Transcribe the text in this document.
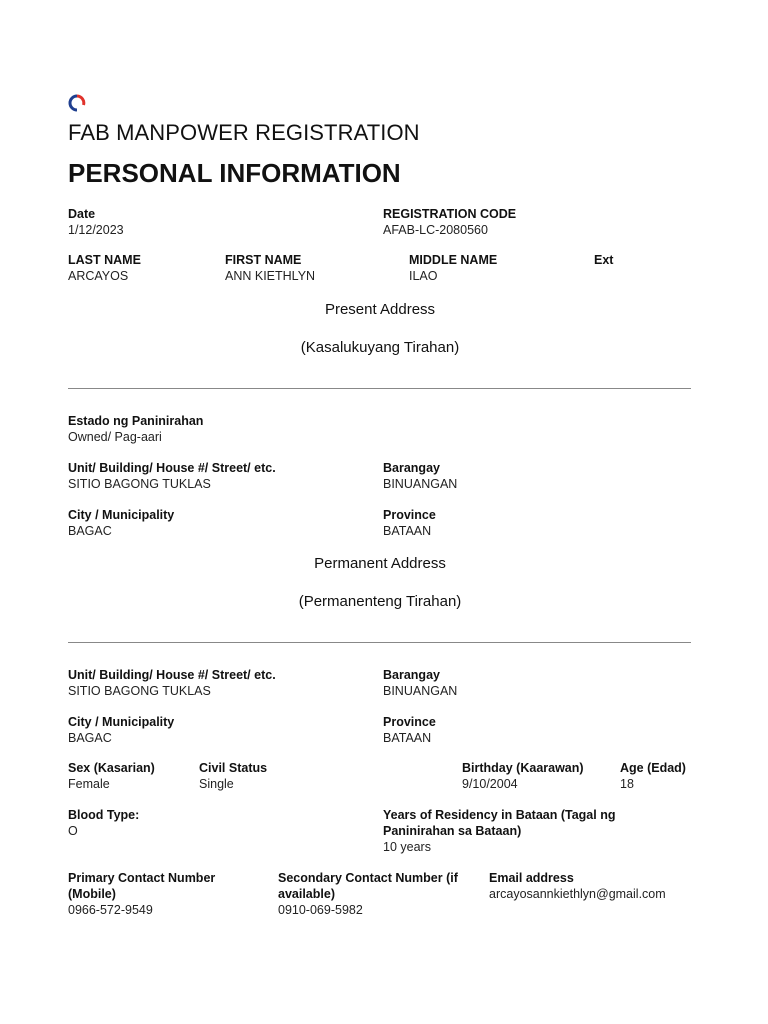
FAB MANPOWER REGISTRATION
PERSONAL INFORMATION
Date
1/12/2023
REGISTRATION CODE
AFAB-LC-2080560
LAST NAME
ARCAYOS
FIRST NAME
ANN KIETHLYN
MIDDLE NAME
ILAO
Ext
Present Address
(Kasalukuyang Tirahan)
Estado ng Paninirahan
Owned/ Pag-aari
Unit/ Building/ House #/ Street/ etc.
SITIO BAGONG TUKLAS
Barangay
BINUANGAN
City / Municipality
BAGAC
Province
BATAAN
Permanent Address
(Permanenteng Tirahan)
Unit/ Building/ House #/ Street/ etc.
SITIO BAGONG TUKLAS
Barangay
BINUANGAN
City / Municipality
BAGAC
Province
BATAAN
Sex (Kasarian)
Female
Civil Status
Single
Birthday (Kaarawan)
9/10/2004
Age (Edad)
18
Blood Type:
O
Years of Residency in Bataan (Tagal ng
Paninirahan sa Bataan)
10 years
Primary Contact Number
(Mobile)
0966-572-9549
Secondary Contact Number (if
available)
0910-069-5982
Email address
arcayosannkiethlyn@gmail.com
